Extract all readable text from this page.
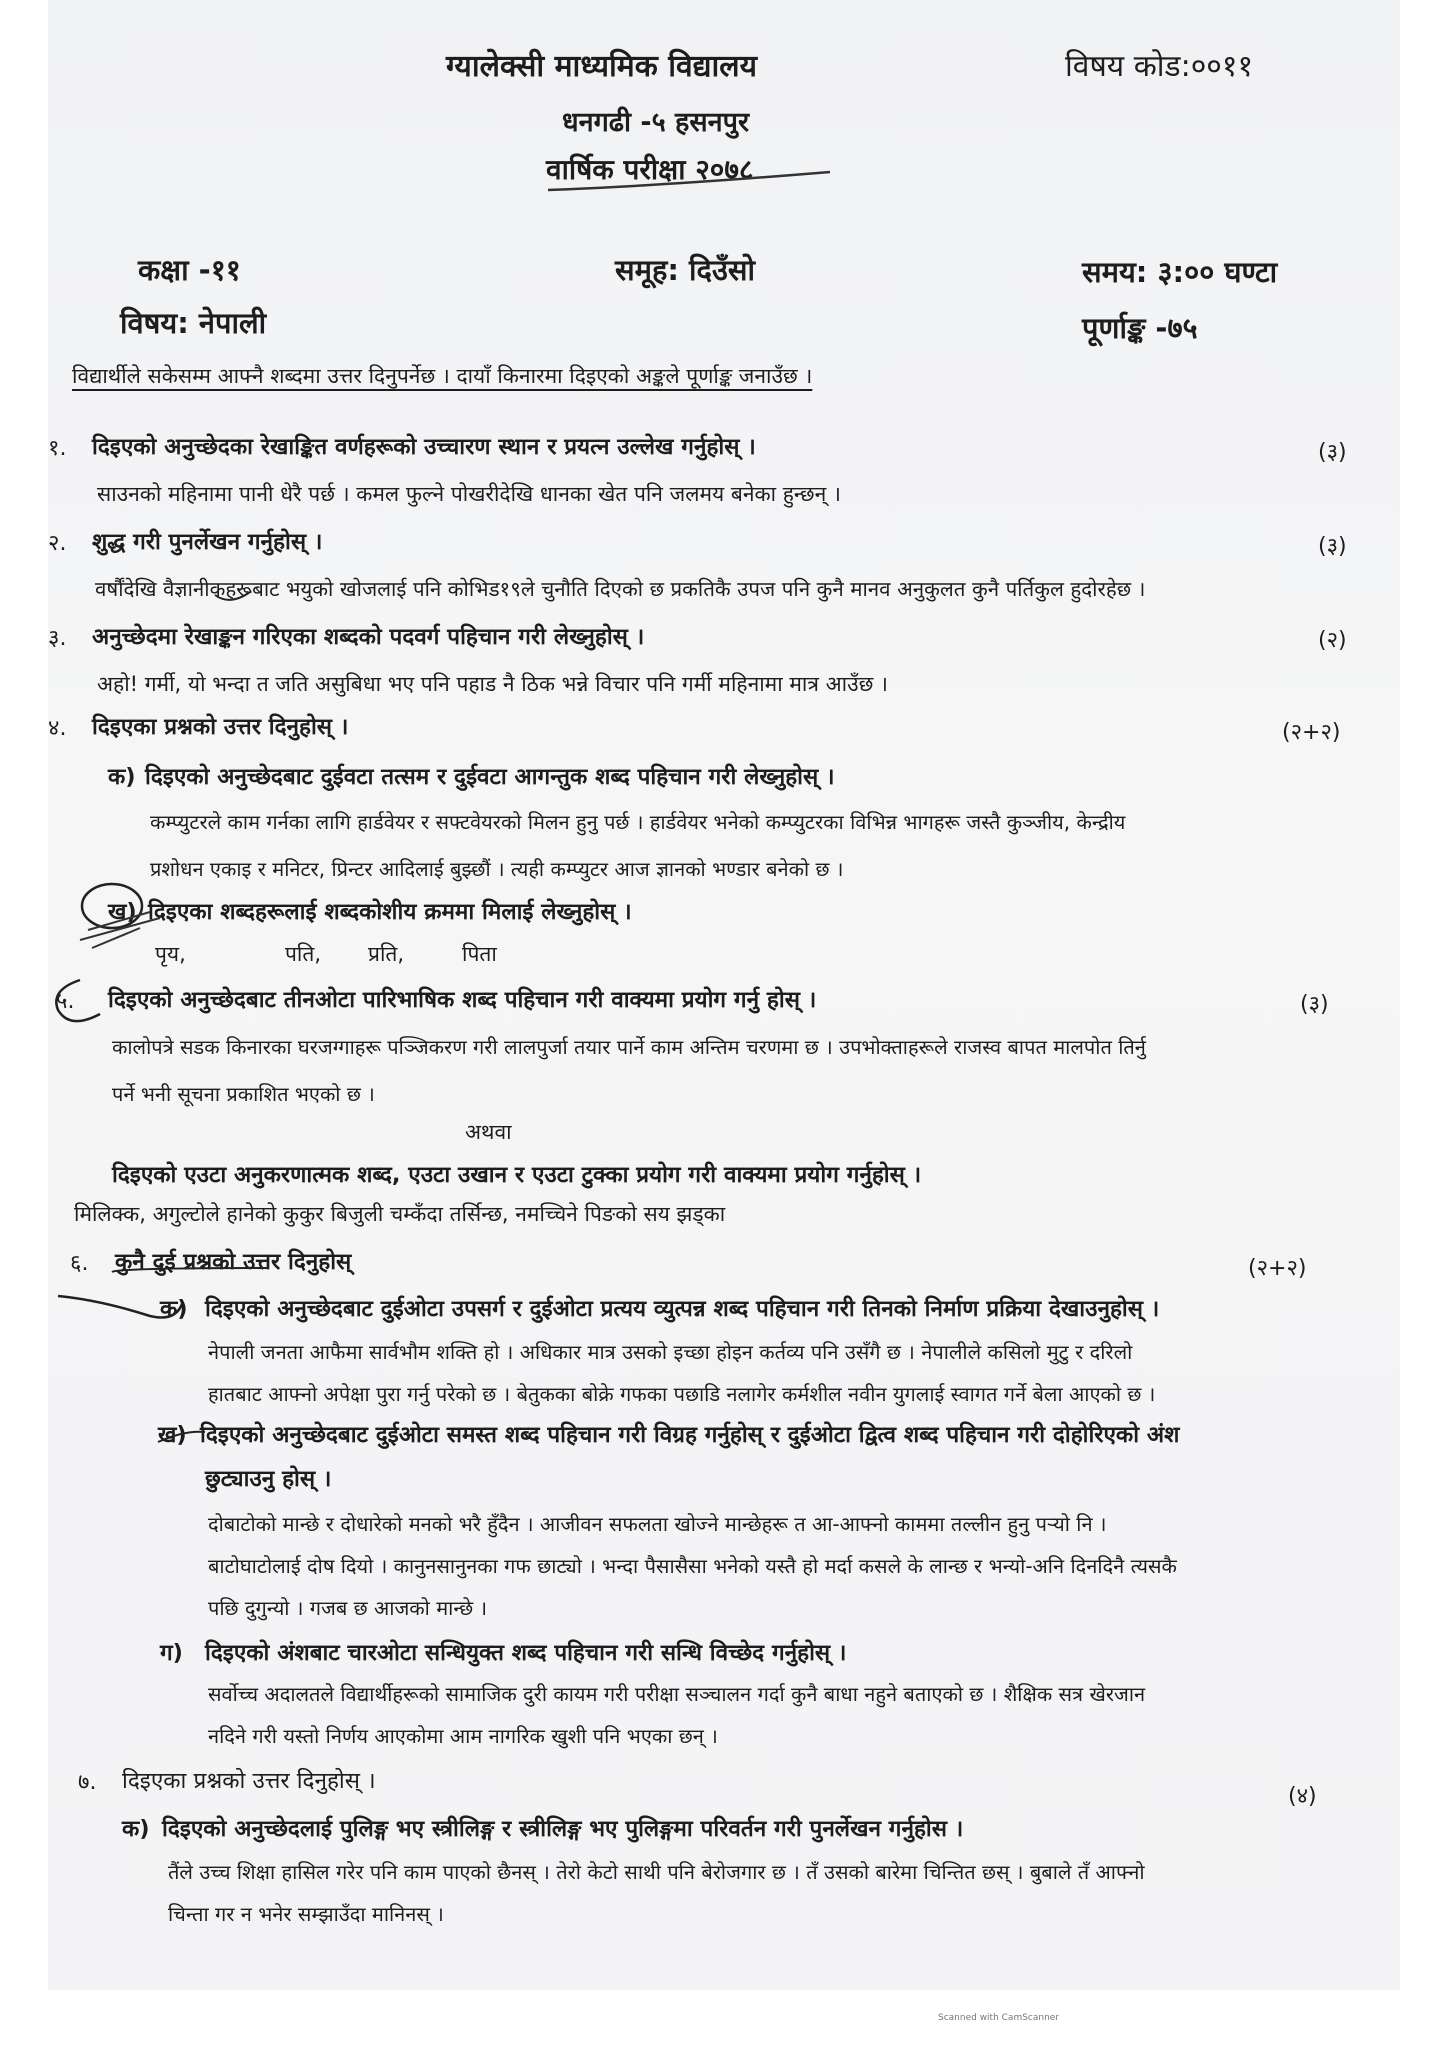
ग्यालेक्सी माध्यमिक विद्यालय	विषय कोड:००११
धनगढी -५ हसनपुर
वार्षिक परीक्षा २०७८
कक्षा -११	समूह: दिउँसो	समय: ३:०० घण्टा
विषय: नेपाली	पूर्णाङ्क -७५
विद्यार्थीले सकेसम्म आफ्नै शब्दमा उत्तर दिनुपर्नेछ । दायाँ किनारमा दिइएको अङ्कले पूर्णाङ्क जनाउँछ ।
१. दिइएको अनुच्छेदका रेखाङ्कित वर्णहरूको उच्चारण स्थान र प्रयत्न उल्लेख गर्नुहोस् ।	(३)
साउनको महिनामा पानी धेरै पर्छ । कमल फुल्ने पोखरीदेखि धानका खेत पनि जलमय बनेका हुन्छन् ।
२. शुद्ध गरी पुनर्लेखन गर्नुहोस् ।	(३)
वर्षौंदेखि वैज्ञानीकहरूबाट भयुको खोजलाई पनि कोभिड१९ले चुनौति दिएको छ प्रकतिकै उपज पनि कुनै मानव अनुकुलत कुनै पर्तिकुल हुदोरहेछ ।
३. अनुच्छेदमा रेखाङ्कन गरिएका शब्दको पदवर्ग पहिचान गरी लेख्नुहोस् ।	(२)
अहो! गर्मी, यो भन्दा त जति असुबिधा भए पनि पहाड नै ठिक भन्ने विचार पनि गर्मी महिनामा मात्र आउँछ ।
४. दिइएका प्रश्नको उत्तर दिनुहोस् ।	(२+२)
क) दिइएको अनुच्छेदबाट दुईवटा तत्सम र दुईवटा आगन्तुक शब्द पहिचान गरी लेख्नुहोस् ।
कम्प्युटरले काम गर्नका लागि हार्डवेयर र सफ्टवेयरको मिलन हुनु पर्छ । हार्डवेयर भनेको कम्प्युटरका विभिन्न भागहरू जस्तै कुञ्जीय, केन्द्रीय
प्रशोधन एकाइ र मनिटर, प्रिन्टर आदिलाई बुझ्छौं । त्यही कम्प्युटर आज ज्ञानको भण्डार बनेको छ ।
ख) दिइएका शब्दहरूलाई शब्दकोशीय क्रममा मिलाई लेख्नुहोस् ।
पृय,	पति, प्रति,	पिता
५. दिइएको अनुच्छेदबाट तीनओटा पारिभाषिक शब्द पहिचान गरी वाक्यमा प्रयोग गर्नु होस् ।	(३)
कालोपत्रे सडक किनारका घरजग्गाहरू पञ्जिकरण गरी लालपुर्जा तयार पार्ने काम अन्तिम चरणमा छ । उपभोक्ताहरूले राजस्व बापत मालपोत तिर्नु
पर्ने भनी सूचना प्रकाशित भएको छ ।
अथवा
दिइएको एउटा अनुकरणात्मक शब्द, एउटा उखान र एउटा टुक्का प्रयोग गरी वाक्यमा प्रयोग गर्नुहोस् ।
मिलिक्क, अगुल्टोले हानेको कुकुर बिजुली चम्कँदा तर्सिन्छ, नमच्चिने पिङको सय झड्का
६. कुनै दुई प्रश्नको उत्तर दिनुहोस्	(२+२)
क) दिइएको अनुच्छेदबाट दुईओटा उपसर्ग र दुईओटा प्रत्यय व्युत्पन्न शब्द पहिचान गरी तिनको निर्माण प्रक्रिया देखाउनुहोस् ।
नेपाली जनता आफैमा सार्वभौम शक्ति हो । अधिकार मात्र उसको इच्छा होइन कर्तव्य पनि उसँगै छ । नेपालीले कसिलो मुटु र दरिलो
हातबाट आफ्नो अपेक्षा पुरा गर्नु परेको छ । बेतुकका बोक्रे गफका पछाडि नलागेर कर्मशील नवीन युगलाई स्वागत गर्ने बेला आएको छ ।
ख) दिइएको अनुच्छेदबाट दुईओटा समस्त शब्द पहिचान गरी विग्रह गर्नुहोस् र दुईओटा द्वित्व शब्द पहिचान गरी दोहोरिएको अंश
छुट्याउनु होस् ।
दोबाटोको मान्छे र दोधारेको मनको भरै हुँदैन । आजीवन सफलता खोज्ने मान्छेहरू त आ-आफ्नो काममा तल्लीन हुनु पर्‍यो नि ।
बाटोघाटोलाई दोष दियो । कानुनसानुनका गफ छाट्यो । भन्दा पैसासैसा भनेको यस्तै हो मर्दा कसले के लान्छ र भन्यो-अनि दिनदिनै त्यसकै
पछि दुगुन्यो । गजब छ आजको मान्छे ।
ग) दिइएको अंशबाट चारओटा सन्धियुक्त शब्द पहिचान गरी सन्धि विच्छेद गर्नुहोस् ।
सर्वोच्च अदालतले विद्यार्थीहरूको सामाजिक दुरी कायम गरी परीक्षा सञ्चालन गर्दा कुनै बाधा नहुने बताएको छ । शैक्षिक सत्र खेरजान
नदिने गरी यस्तो निर्णय आएकोमा आम नागरिक खुशी पनि भएका छन् ।
७. दिइएका प्रश्नको उत्तर दिनुहोस् ।
(४)
क) दिइएको अनुच्छेदलाई पुलिङ्ग भए स्त्रीलिङ्ग र स्त्रीलिङ्ग भए पुलिङ्गमा परिवर्तन गरी पुनर्लेखन गर्नुहोस ।
तैंले उच्च शिक्षा हासिल गरेर पनि काम पाएको छैनस् । तेरो केटो साथी पनि बेरोजगार छ । तँ उसको बारेमा चिन्तित छस् । बुबाले तँ आफ्नो
चिन्ता गर न भनेर सम्झाउँदा मानिनस् ।
Scanned with CamScanner
